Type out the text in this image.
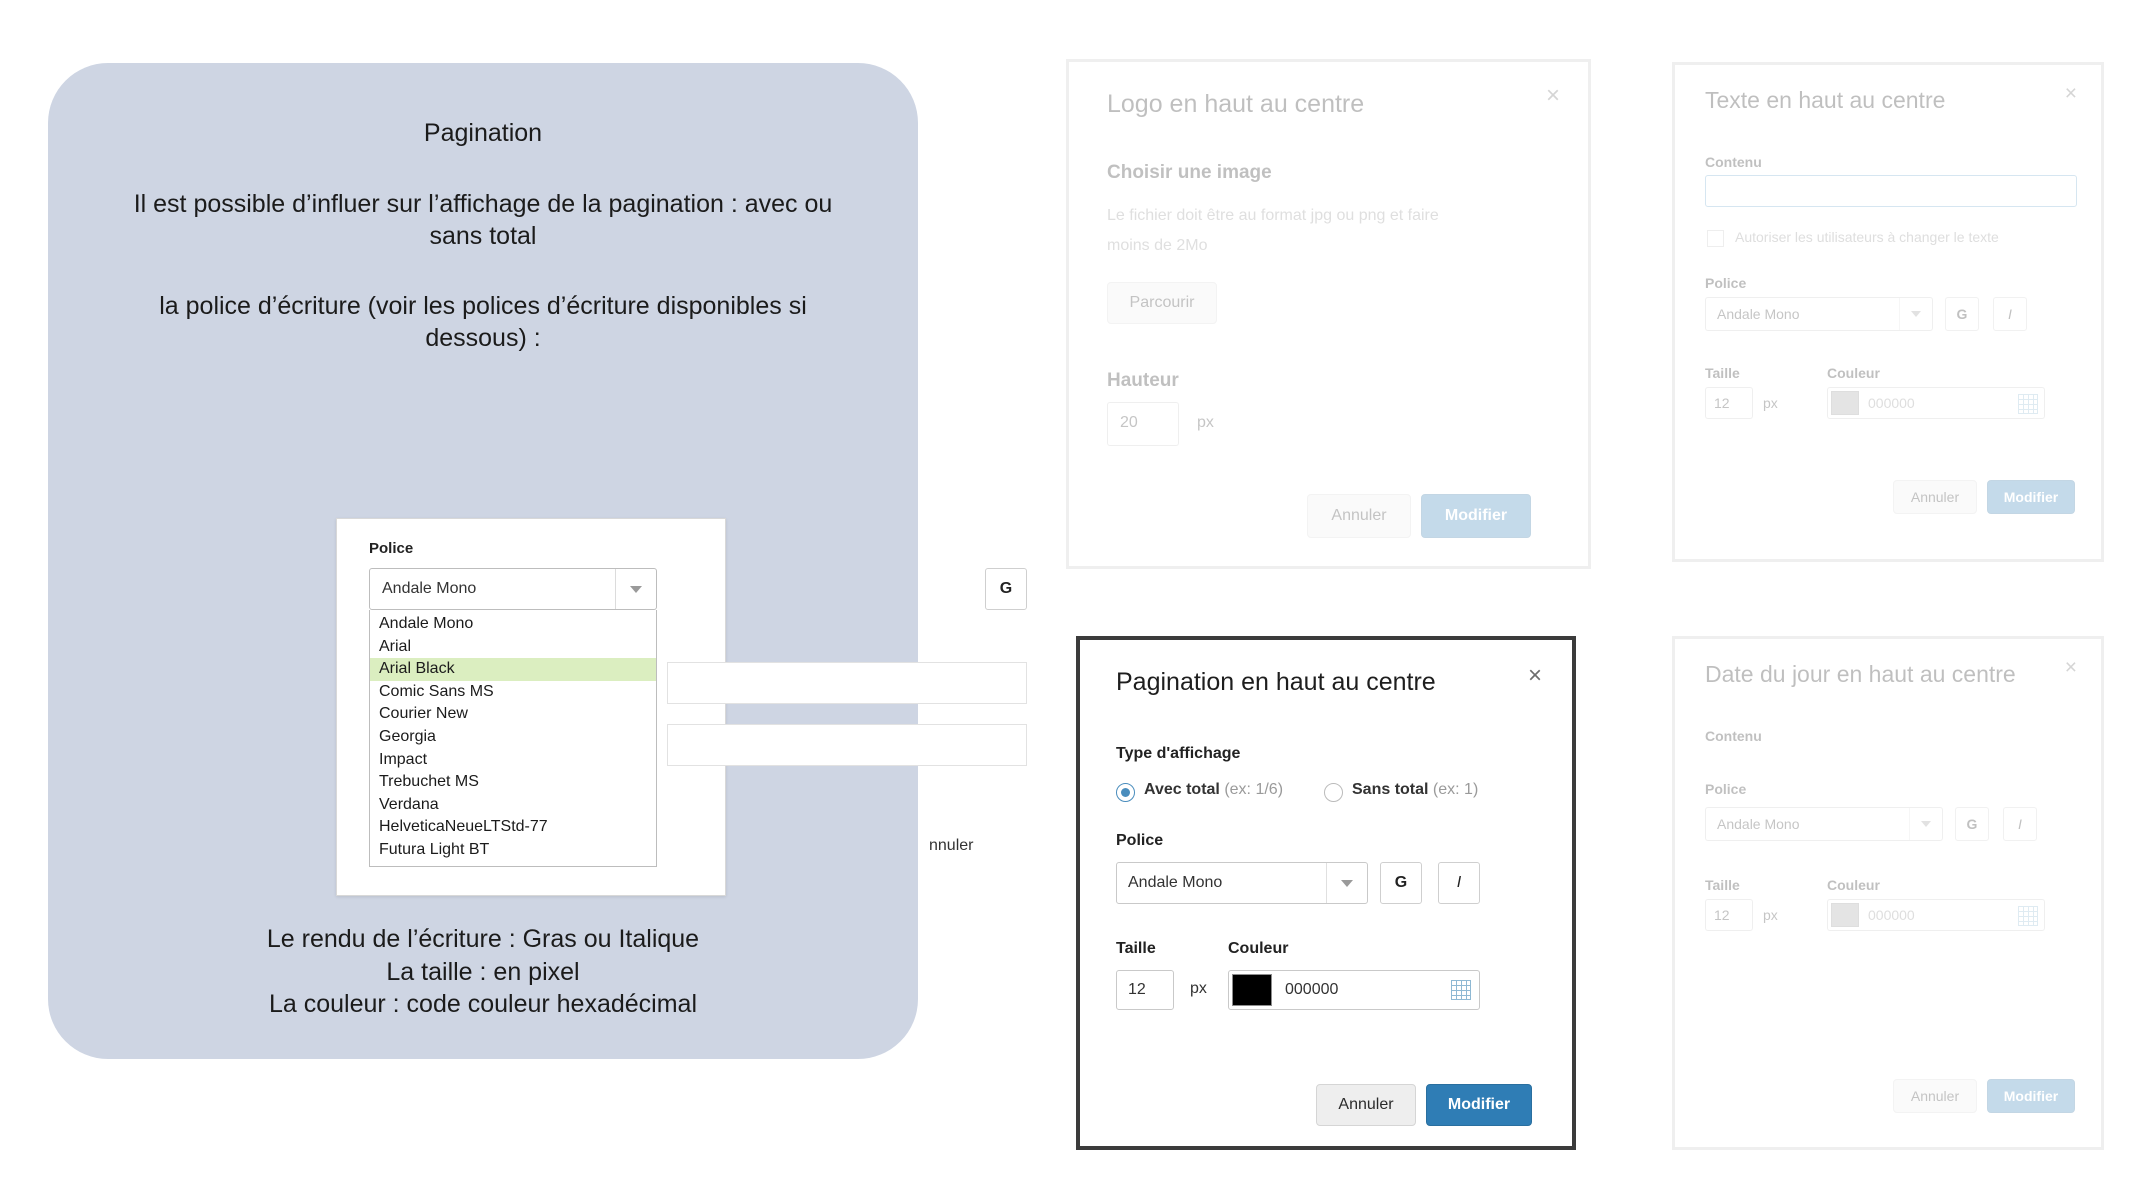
Pagination
Il est possible d’influer sur l’affichage de la pagination : avec ou sans total
la police d’écriture (voir les polices d’écriture disponibles si dessous) :
Police
Andale Mono
Andale Mono
Arial
Arial Black
Comic Sans MS
Courier New
Georgia
Impact
Trebuchet MS
Verdana
HelveticaNeueLTStd-77
Futura Light BT
G
nnuler
Le rendu de l’écriture : Gras ou Italique
La taille : en pixel
La couleur : code couleur hexadécimal
Logo en haut au centre	×
Choisir une image
Le fichier doit être au format jpg ou png et faire
moins de 2Mo
Parcourir
Hauteur
20	px
Annuler	Modifier
Texte en haut au centre	×
Contenu
Autoriser les utilisateurs à changer le texte
Police
Andale Mono	G	I
Taille
12 px
Couleur
000000
Annuler	Modifier
Pagination en haut au centre	×
Type d'affichage
Avec total (ex: 1/6)	Sans total (ex: 1)
Police
Andale Mono	G	I
Taille
12	px
Couleur
000000
Annuler	Modifier
Date du jour en haut au centre ×
Contenu
Police
Andale Mono	G	I
Taille
12 px
Couleur
000000
Annuler	Modifier
